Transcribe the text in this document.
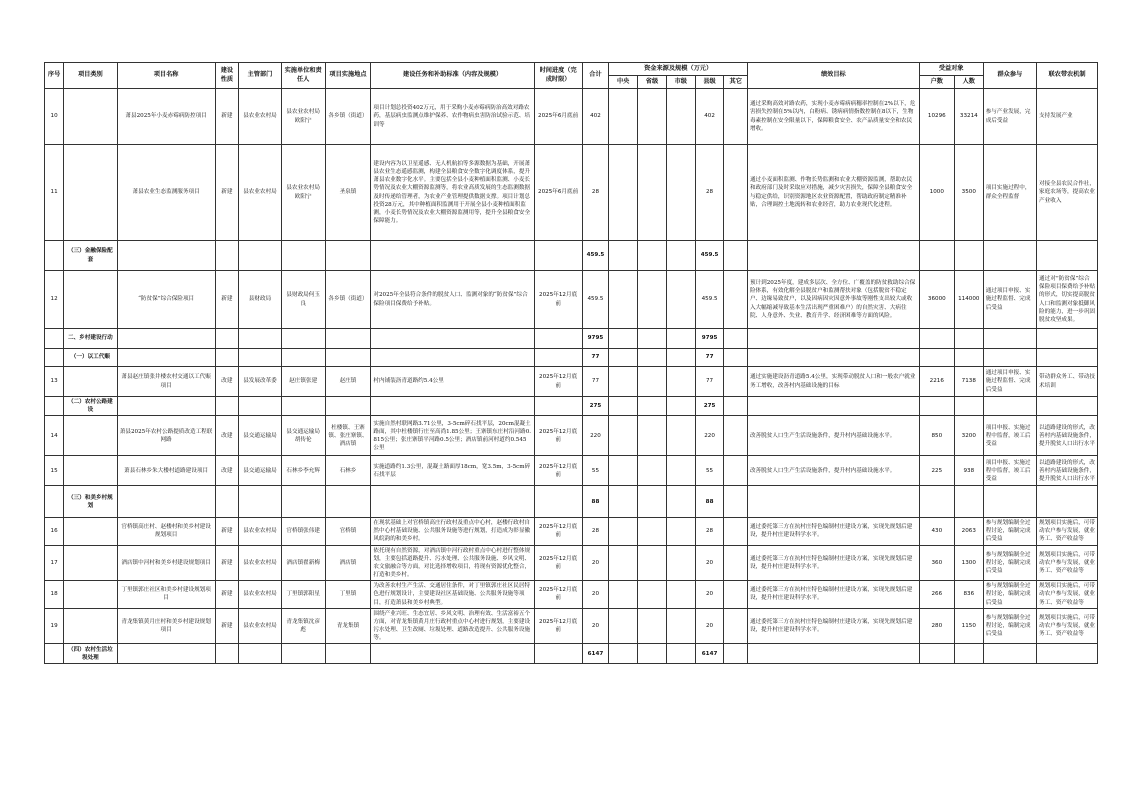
序号	项目类别	项目名称	建设性质	主管部门	实施单位和责任人	项目实施地点	建设任务和补助标准（内容及规模）	时间进度（完成时限）	合计	资金来源及规模（万元）					绩效目标	受益对象		群众参与	联农带农机制
										中央	省级	市级	县级	其它		户数	人数		
10		萧县2025年小麦赤霉病防控项目	新建	县农业农村局	县农业农村局欧阳宁	各乡镇（街道）	项目计划总投资402万元，用于采购小麦赤霉病防治高效对路农药，基层病虫监测点维护保养、农作物病虫害防治试验示范、培训等	2025年6月底前	402				402		通过采购高效对路农药，实现小麦赤霉病病穗率控制在2%以下，危害损失控制在5%以内，白粉病、锈病病情指数控制在8以下，生物毒素控制在安全限量以下，保障粮食安全、农产品质量安全和农民增收。	10296	33214	参与产业发展，完成后受益	支持发展产业
11		萧县农业生态监测服务项目	新建	县农业农村局	县农业农村局欧阳宁	圣泉镇	建设内容为以卫星遥感、无人机航拍等多源数据为基础，开展萧县农业生态遥感监测，构建全县粮食安全数字化调度体系，提升萧县农业数字化水平。主要包括全县小麦种植面积监测、小麦长势情况及农业大棚资源监测等，将农业高质发展的生态监测数据及时传递给管理者，为农业产业管理提供数据支撑。项目计划总投资28万元，其中种植面积监测用于开展全县小麦种植面积监测，小麦长势情况及农业大棚资源监测用等，提升全县粮食安全保障能力。	2025年6月底前	28				28		通过小麦面积监测、作物长势监测和农业大棚资源监测，帮助农民和政府部门及时采取应对措施，减少灾害损失，保障全县粮食安全与稳定供给，识别资源地区农业资源配置，帮助政府制定精准补贴，合理调控土地流转和农业经营，助力农业现代化进程。	1000	3500	项目实施过程中，群众全程监督	对接全县农民合作社，家庭农场等，提高农业产业收入
	（三）金融保险配套								459.5				459.5						
12		“防贫保”综合保险项目	新建	县财政局	县财政局何玉良	各乡镇（街道）	对2025年全县符合条件的脱贫人口、监测对象的“防贫保”综合保险项目保费给予补贴。	2025年12月底前	459.5				459.5		预计到2025年度，建成多层次、全方位、广覆盖的防贫救助综合保险体系，有效化解全县脱贫户和监测帮扶对象（包括脱贫不稳定户、边缘易致贫户，以及因病因灾因意外事故等刚性支出较大或收入大幅缩减导致基本生活出现严重困难户）的自然灾害、大病住院、人身意外、失业、教育升学、经济困难等方面的风险。	36000	114000	通过项目申报、实施过程监督、完成后受益	通过对“防贫保”综合保险项目保费给予补贴的形式，切实提高脱贫人口和监测对象抵御风险的能力，进一步巩固脱贫攻坚成果。
	二、乡村建设行动								9795				9795						
	（一）以工代赈								77				77						
13		萧县赵庄镇张井楼农村交通以工代赈项目	改建	县发展改革委	赵庄镇张建	赵庄镇	村内铺装沥青道路约5.4公里	2025年12月底前	77				77		通过实施建设沥青道路5.4公里，实现带动脱贫人口和一般农户就业务工增收，改善村内基础设施的目标	2216	7138	通过项目申报、实施过程监督、完成后受益	带动群众务工、带动技术培训
	（二）农村公路建设								275				275						
14		萧县2025年农村公路提质改造工程联网路	改建	县交通运输局	县交通运输局胡传伦	杜楼镇、王寨镇、张庄寨镇、酒店镇	实施自然村联网路3.71公里，3-5cm碎石找平层，20cm混凝土路面，其中杜楼镇行庄至高尚1.85公里；王寨镇东庄村沿河路0.815公里；张庄寨镇平河路0.5公里；酒店镇前河村道约0.545公里	2025年12月底前	220				220		改善脱贫人口生产生活设施条件，提升村内基础设施水平。	850	3200	项目申报、实施过程中监督，竣工后受益	以道路建设的形式，改善村内基础设施条件，提升脱贫人口出行水平
15		萧县石林乡朱大楼村道路建设项目	改建	县交通运输局	石林乡李允辉	石林乡	实施道路约1.3公里，混凝土路面厚18cm，宽3.5m，3-5cm碎石找平层	2025年12月底前	55				55		改善脱贫人口生产生活设施条件，提升村内基础设施水平。	225	938	项目申报、实施过程中监督，竣工后受益	以道路建设的形式，改善村内基础设施条件，提升脱贫人口出行水平
	（三）和美乡村规划								88				88						
16		官桥镇高庄村、赵楼村和美乡村建设规划项目	新建	县农业农村局	官桥镇张伟建	官桥镇	在现状基础上对官桥镇高庄行政村及重点中心村，赵楼行政村自然中心村基础设施、公共服务设施等进行规划，打造成为彰显徽风皖韵的和美乡村。	2025年12月底前	28				28		通过委托第三方在抗村庄特色编制村庄建设方案，实现先规划后建设，提升村庄建设科学水平。	430	2063	参与规划编制全过程讨论，编制完成后受益	规划项目实施后，可带动农户参与发展，就业务工、资产收益等
17		酒店镇中河村和美乡村建设规划项目	新建	县农业农村局	酒店镇翟新梅	酒店镇	依托现有自然资源，对酒店镇中河行政村重点中心村进行整体规划，主要包括道路提升、污水处理、公共服务设施、乡风文明、农文旅融合等方面，对比选择增收项目，将现有资源优化整合，打造和美乡村。	2025年12月底前	20				20		通过委托第三方在抗村庄特色编制村庄建设方案，实现先规划后建设，提升村庄建设科学水平。	360	1300	参与规划编制全过程讨论，编制完成后受益	规划项目实施后，可带动农户参与发展，就业务工、资产收益等
18		丁里镇郭庄社区和美乡村建设规划项目	新建	县农业农村局	丁里镇郭阳星	丁里镇	为改善农村生产生活、交通居住条件，对丁里镇郭庄社区民居特色进行规划设计，主要建设社区基础设施、公共服务设施等项目，打造萧县和美乡村典型。	2025年12月底前	20				20		通过委托第三方在抗村庄特色编制村庄建设方案，实现先规划后建设，提升村庄建设科学水平。	266	836	参与规划编制全过程讨论，编制完成后受益	规划项目实施后，可带动农户参与发展，就业务工、资产收益等
19		青龙集镇黄月庄村和美乡村建设规划项目	新建	县农业农村局	青龙集镇沈彦彪	青龙集镇	围绕产业兴旺、生态宜居、乡风文明、治理有效、生活富裕五个方面，对青龙集镇黄月庄行政村重点中心村进行规划，主要建设污水处理、卫生改厕、垃圾处理、道路改造提升、公共服务设施等。	2025年12月底前	20				20		通过委托第三方在抗村庄特色编制村庄建设方案，实现先规划后建设，提升村庄建设科学水平。	280	1150	参与规划编制全过程讨论，编制完成后受益	规划项目实施后，可带动农户参与发展，就业务工、资产收益等
	（四）农村生活垃圾处理								6147				6147						
